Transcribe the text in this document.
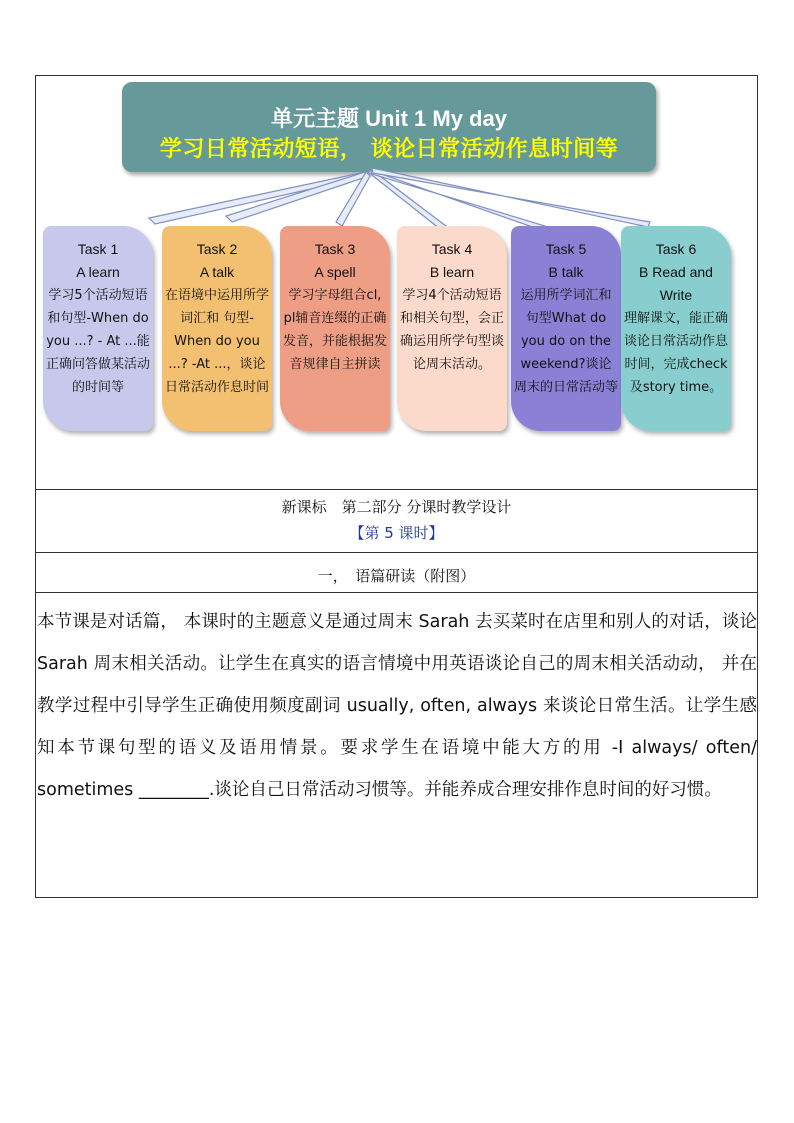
单元主题 Unit 1 My day
学习日常活动短语， 谈论日常活动作息时间等
Task 1
A learn
学习5个活动短语和句型-When do you ...? - At ...能正确问答做某活动的时间等
Task 2
A talk
在语境中运用所学词汇和 句型-When do you ...? -At ...，谈论日常活动作息时间
Task 3
A spell
学习字母组合cl, pl辅音连缀的正确发音，并能根据发音规律自主拼读
Task 4
B learn
学习4个活动短语和相关句型，会正确运用所学句型谈论周末活动。
Task 5
B talk
运用所学词汇和 句型What do you do on the weekend?谈论周末的日常活动等
Task 6
B Read and Write
理解课文，能正确谈论日常活动作息时间，完成check及story time。
新课标　第二部分 分课时教学设计
【第 5 课时】
一，　语篇研读（附图）

本节课是对话篇， 本课时的主题意义是通过周末 Sarah 去买菜时在店里和别人的对话，谈论 Sarah 周末相关活动。让学生在真实的语言情境中用英语谈论自己的周末相关活动动， 并在教学过程中引导学生正确使用频度副词 usually, often, always 来谈论日常生活。让学生感知本节课句型的语义及语用情景。要求学生在语境中能大方的用 -I always/ often/ sometimes ________.谈论自己日常活动习惯等。并能养成合理安排作息时间的好习惯。
